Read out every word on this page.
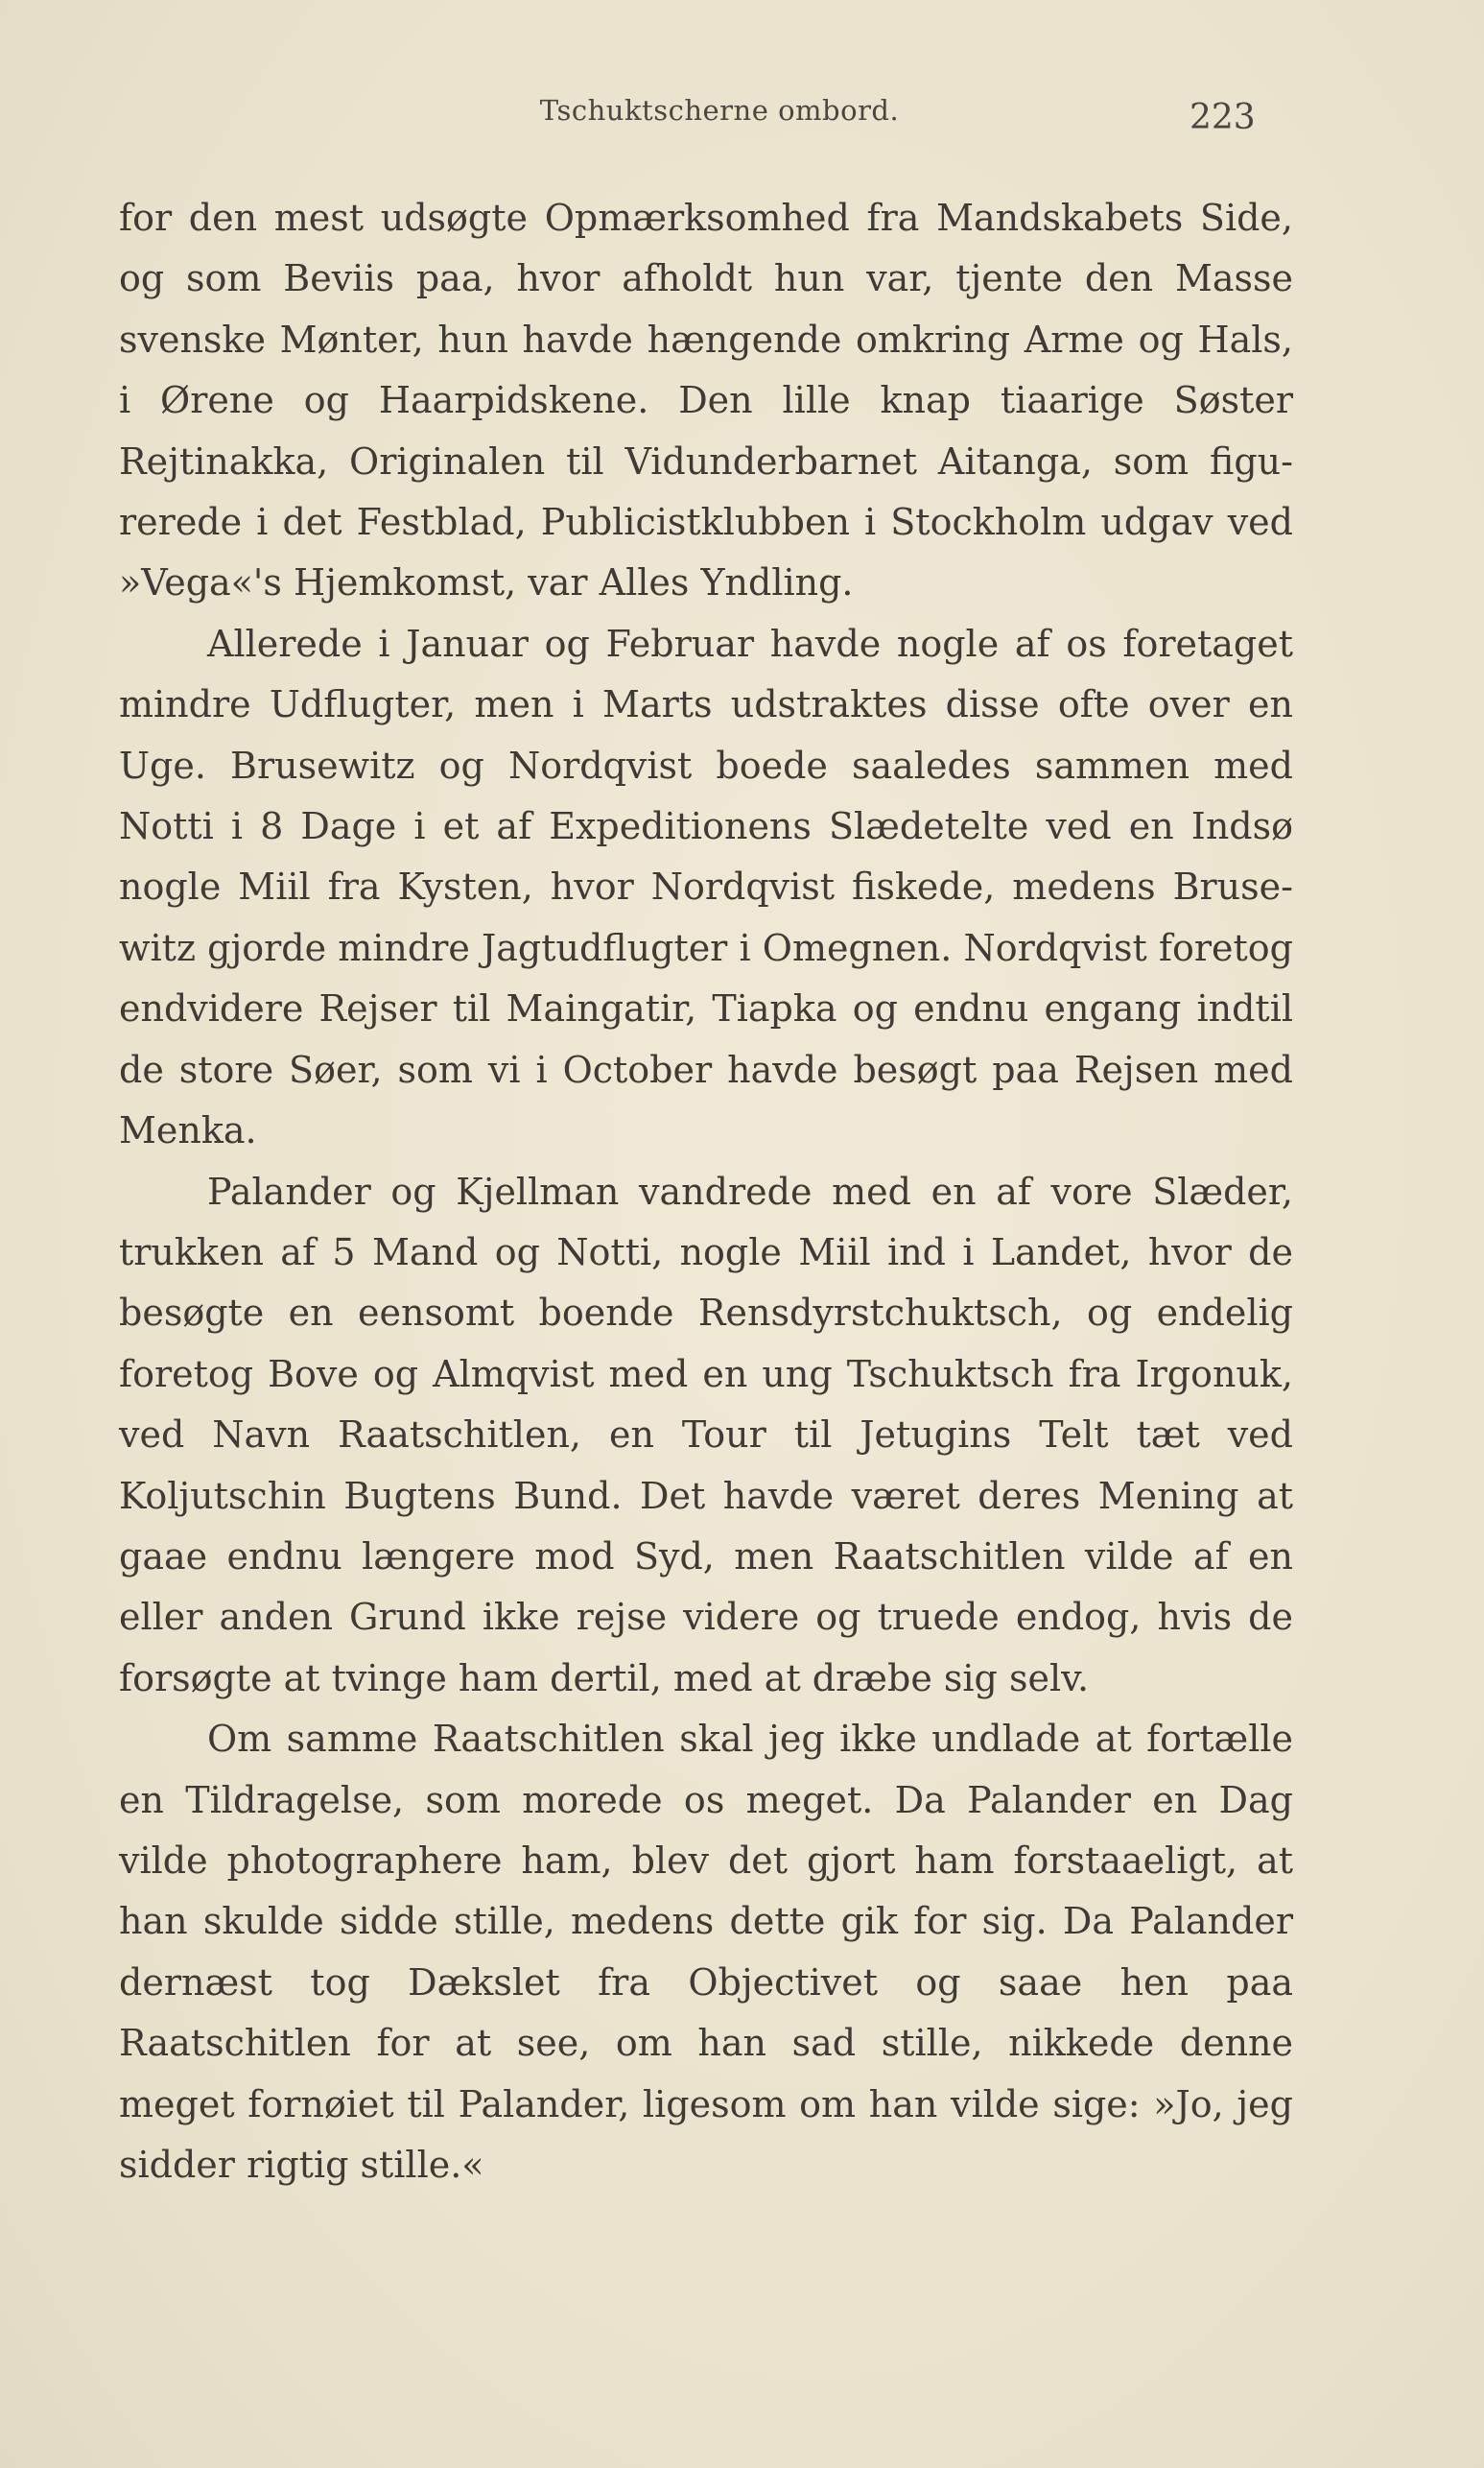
Tschuktscherne ombord.	223

for den mest udsøgte Opmærksomhed fra Mandskabets Side, og som Beviis paa, hvor afholdt hun var, tjente den Masse svenske Mønter, hun havde hængende omkring Arme og Hals, i Ørene og Haarpidskene. Den lille knap tiaarige Søster Rejtinakka, Originalen til Vidunderbarnet Aitanga, som figurerede i det Festblad, Publicistklubben i Stockholm udgav ved »Vega«'s Hjemkomst, var Alles Yndling.

Allerede i Januar og Februar havde nogle af os foretaget mindre Udflugter, men i Marts udstraktes disse ofte over en Uge. Brusewitz og Nordqvist boede saaledes sammen med Notti i 8 Dage i et af Expeditionens Slædetelte ved en Indsø nogle Miil fra Kysten, hvor Nordqvist fiskede, medens Brusewitz gjorde mindre Jagtudflugter i Omegnen. Nordqvist foretog endvidere Rejser til Maingatir, Tiapka og endnu engang indtil de store Søer, som vi i October havde besøgt paa Rejsen med Menka.

Palander og Kjellman vandrede med en af vore Slæder, trukken af 5 Mand og Notti, nogle Miil ind i Landet, hvor de besøgte en eensomt boende Rensdyrstchuktsch, og endelig foretog Bove og Almqvist med en ung Tschuktsch fra Irgonuk, ved Navn Raatschitlen, en Tour til Jetugins Telt tæt ved Koljutschin Bugtens Bund. Det havde været deres Mening at gaae endnu længere mod Syd, men Raatschitlen vilde af en eller anden Grund ikke rejse videre og truede endog, hvis de forsøgte at tvinge ham dertil, med at dræbe sig selv.

Om samme Raatschitlen skal jeg ikke undlade at fortælle en Tildragelse, som morede os meget. Da Palander en Dag vilde photographere ham, blev det gjort ham forstaaeligt, at han skulde sidde stille, medens dette gik for sig. Da Palander dernæst tog Dækslet fra Objectivet og saae hen paa Raatschitlen for at see, om han sad stille, nikkede denne meget fornøiet til Palander, ligesom om han vilde sige: »Jo, jeg sidder rigtig stille.«
